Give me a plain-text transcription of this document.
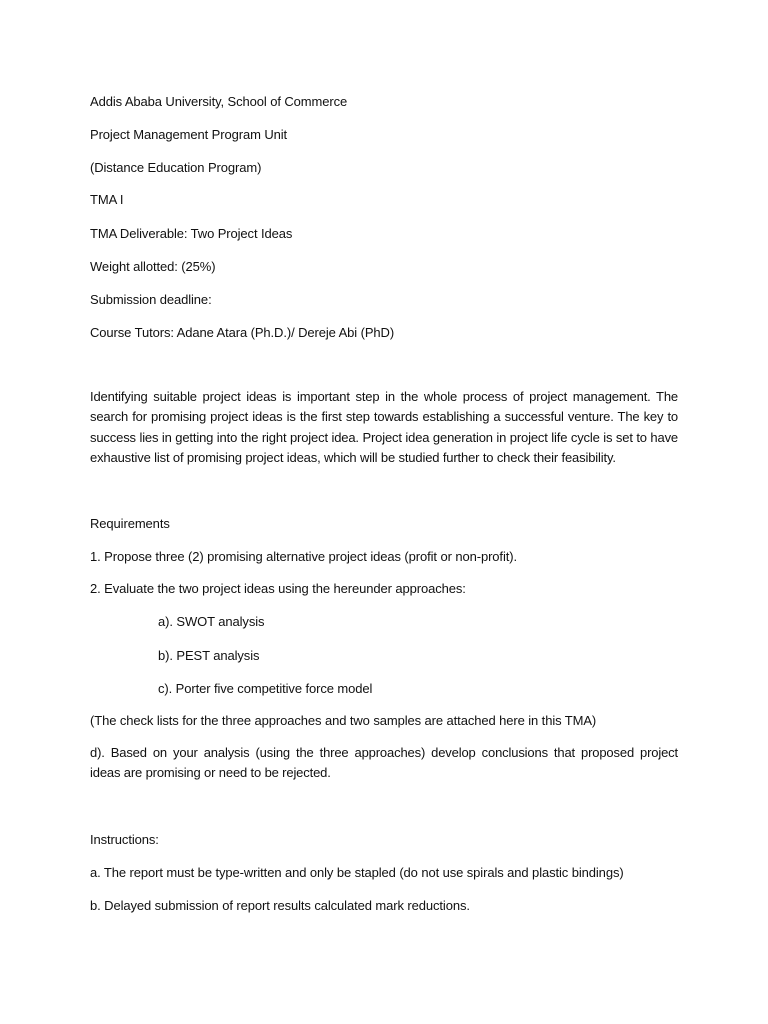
Addis Ababa University, School of Commerce
Project Management Program Unit
(Distance Education Program)
TMA I
TMA Deliverable: Two Project Ideas
Weight allotted: (25%)
Submission deadline:
Course Tutors: Adane Atara (Ph.D.)/ Dereje Abi (PhD)
Identifying suitable project ideas is important step in the whole process of project management. The search for promising project ideas is the first step towards establishing a successful venture. The key to success lies in getting into the right project idea. Project idea generation in project life cycle is set to have exhaustive list of promising project ideas, which will be studied further to check their feasibility.
Requirements
1. Propose three (2) promising alternative project ideas (profit or non-profit).
2. Evaluate the two project ideas using the hereunder approaches:
a). SWOT analysis
b). PEST analysis
c). Porter five competitive force model
(The check lists for the three approaches and two samples are attached here in this TMA)
d). Based on your analysis (using the three approaches) develop conclusions that proposed project ideas are promising or need to be rejected.
Instructions:
a. The report must be type-written and only be stapled (do not use spirals and plastic bindings)
b. Delayed submission of report results calculated mark reductions.
